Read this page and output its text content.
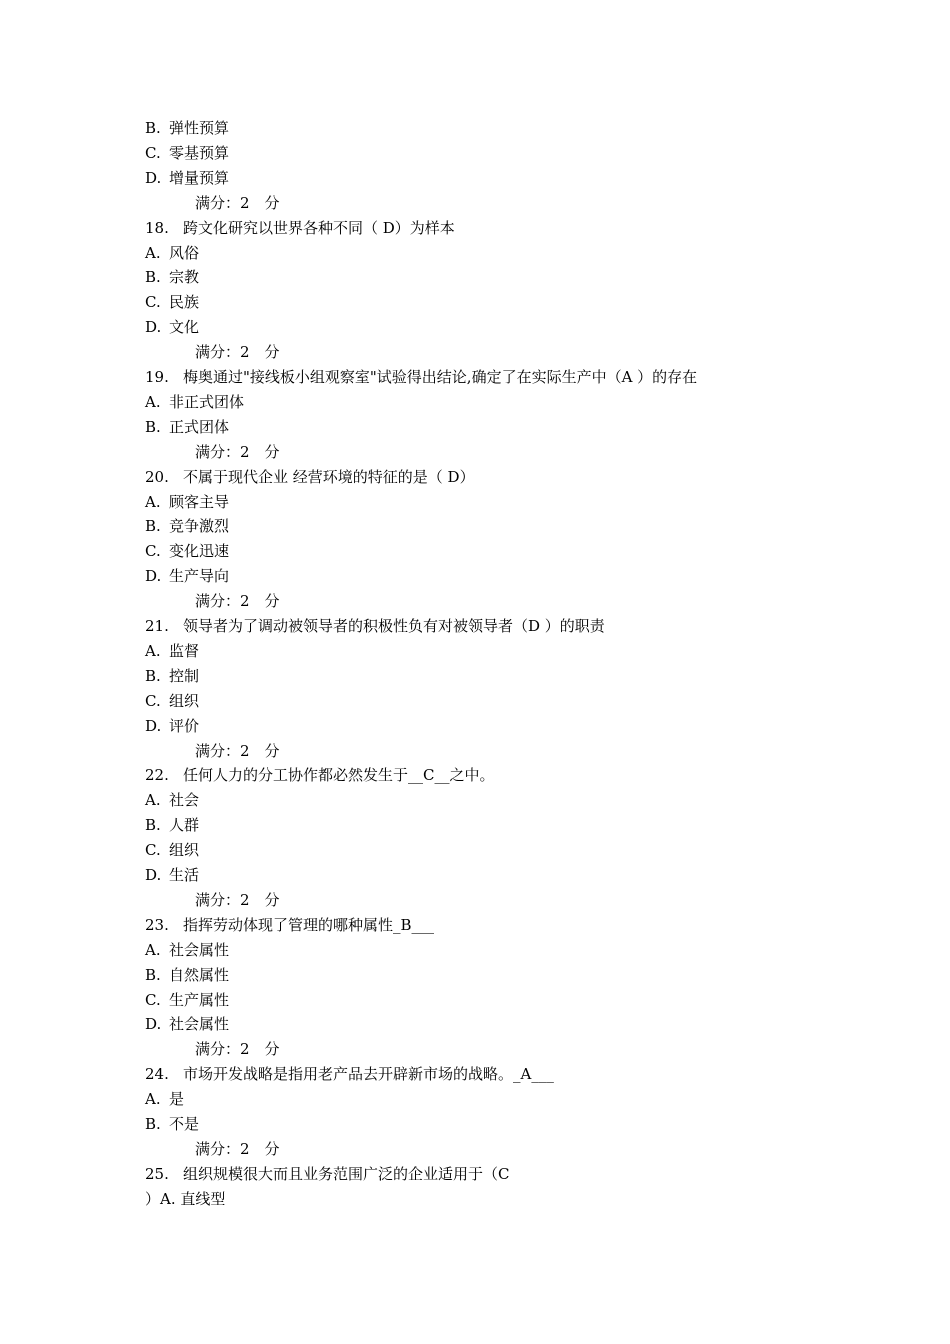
B. 弹性预算
C. 零基预算
D. 增量预算
满分：2　分
18. 跨文化研究以世界各种不同（ D）为样本
A. 风俗
B. 宗教
C. 民族
D. 文化
满分：2　分
19. 梅奥通过"接线板小组观察室"试验得出结论,确定了在实际生产中（A ）的存在
A. 非正式团体
B. 正式团体
满分：2　分
20. 不属于现代企业 经营环境的特征的是（ D）
A. 顾客主导
B. 竞争激烈
C. 变化迅速
D. 生产导向
满分：2　分
21. 领导者为了调动被领导者的积极性负有对被领导者（D ）的职责
A. 监督
B. 控制
C. 组织
D. 评价
满分：2　分
22. 任何人力的分工协作都必然发生于__C__之中。
A. 社会
B. 人群
C. 组织
D. 生活
满分：2　分
23. 指挥劳动体现了管理的哪种属性_B___
A. 社会属性
B. 自然属性
C. 生产属性
D. 社会属性
满分：2　分
24. 市场开发战略是指用老产品去开辟新市场的战略。_A___
A. 是
B. 不是
满分：2　分
25. 组织规模很大而且业务范围广泛的企业适用于（C
）A. 直线型
